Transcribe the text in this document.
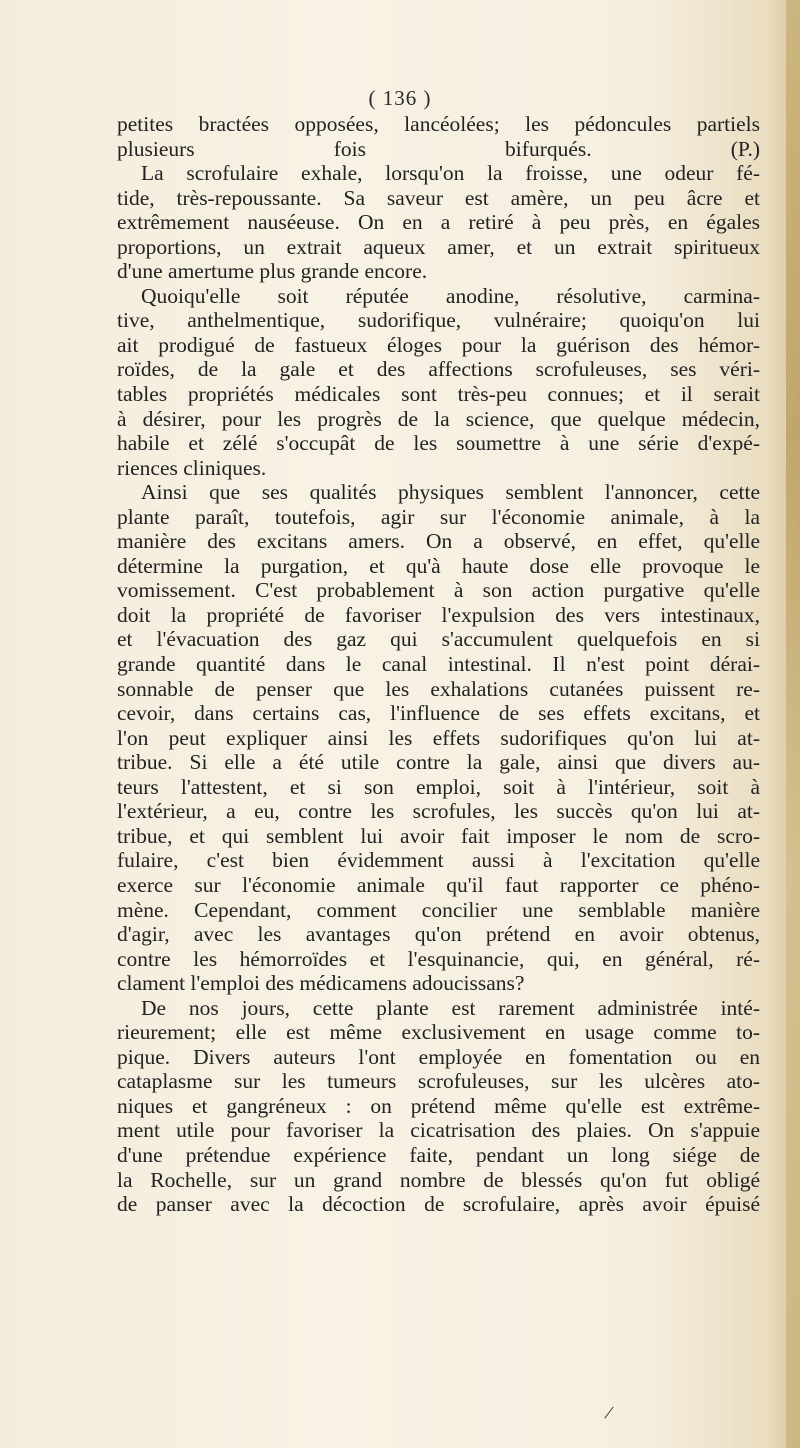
( 136 )
petites bractées opposées, lancéolées; les pédoncules partiels
plusieurs fois bifurqués. (P.)
La scrofulaire exhale, lorsqu'on la froisse, une odeur fé-
tide, très-repoussante. Sa saveur est amère, un peu âcre et
extrêmement nauséeuse. On en a retiré à peu près, en égales
proportions, un extrait aqueux amer, et un extrait spiritueux
d'une amertume plus grande encore.
Quoiqu'elle soit réputée anodine, résolutive, carmina-
tive, anthelmentique, sudorifique, vulnéraire; quoiqu'on lui
ait prodigué de fastueux éloges pour la guérison des hémor-
roïdes, de la gale et des affections scrofuleuses, ses véri-
tables propriétés médicales sont très-peu connues; et il serait
à désirer, pour les progrès de la science, que quelque médecin,
habile et zélé s'occupât de les soumettre à une série d'expé-
riences cliniques.
Ainsi que ses qualités physiques semblent l'annoncer, cette
plante paraît, toutefois, agir sur l'économie animale, à la
manière des excitans amers. On a observé, en effet, qu'elle
détermine la purgation, et qu'à haute dose elle provoque le
vomissement. C'est probablement à son action purgative qu'elle
doit la propriété de favoriser l'expulsion des vers intestinaux,
et l'évacuation des gaz qui s'accumulent quelquefois en si
grande quantité dans le canal intestinal. Il n'est point dérai-
sonnable de penser que les exhalations cutanées puissent re-
cevoir, dans certains cas, l'influence de ses effets excitans, et
l'on peut expliquer ainsi les effets sudorifiques qu'on lui at-
tribue. Si elle a été utile contre la gale, ainsi que divers au-
teurs l'attestent, et si son emploi, soit à l'intérieur, soit à
l'extérieur, a eu, contre les scrofules, les succès qu'on lui at-
tribue, et qui semblent lui avoir fait imposer le nom de scro-
fulaire, c'est bien évidemment aussi à l'excitation qu'elle
exerce sur l'économie animale qu'il faut rapporter ce phéno-
mène. Cependant, comment concilier une semblable manière
d'agir, avec les avantages qu'on prétend en avoir obtenus,
contre les hémorroïdes et l'esquinancie, qui, en général, ré-
clament l'emploi des médicamens adoucissans?
De nos jours, cette plante est rarement administrée inté-
rieurement; elle est même exclusivement en usage comme to-
pique. Divers auteurs l'ont employée en fomentation ou en
cataplasme sur les tumeurs scrofuleuses, sur les ulcères ato-
niques et gangréneux : on prétend même qu'elle est extrême-
ment utile pour favoriser la cicatrisation des plaies. On s'appuie
d'une prétendue expérience faite, pendant un long siége de
la Rochelle, sur un grand nombre de blessés qu'on fut obligé
de panser avec la décoction de scrofulaire, après avoir épuisé
/
